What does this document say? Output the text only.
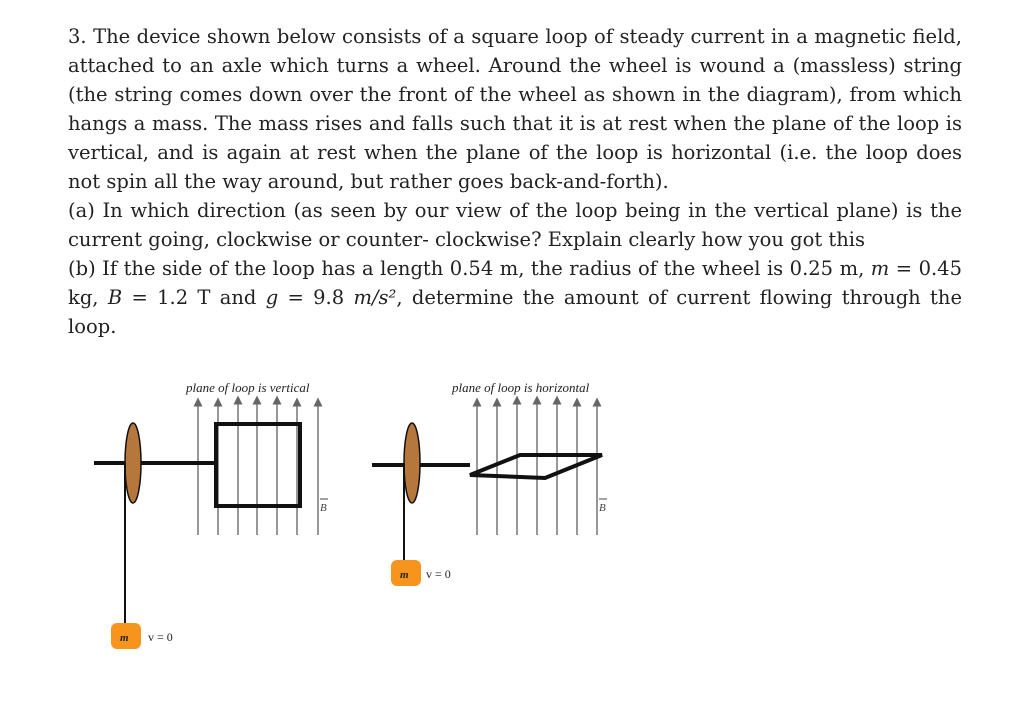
3. The device shown below consists of a square loop of steady current in a magnetic field, attached to an axle which turns a wheel. Around the wheel is wound a (massless) string (the string comes down over the front of the wheel as shown in the diagram), from which hangs a mass. The mass rises and falls such that it is at rest when the plane of the loop is vertical, and is again at rest when the plane of the loop is horizontal (i.e. the loop does not spin all the way around, but rather goes back-and-forth).

(a) In which direction (as seen by our view of the loop being in the vertical plane) is the current going, clockwise or counter- clockwise? Explain clearly how you got this

(b) If the side of the loop has a length 0.54 m, the radius of the wheel is 0.25 m, m = 0.45 kg, B = 1.2 T and g = 9.8 m/s², determine the amount of current flowing through the loop.

plane of loop is vertical
B
m v = 0
plane of loop is horizontal
B
m v = 0
